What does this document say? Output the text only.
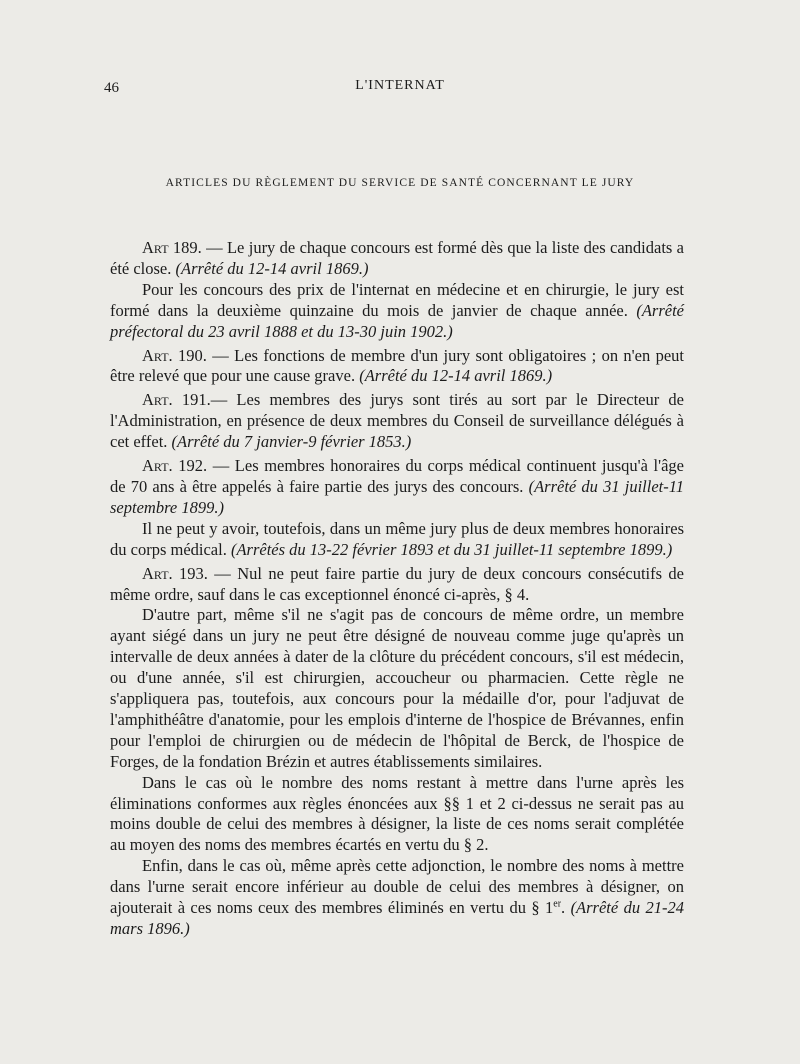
46	L'INTERNAT
ARTICLES DU RÈGLEMENT DU SERVICE DE SANTÉ CONCERNANT LE JURY

Art 189. — Le jury de chaque concours est formé dès que la liste des candidats a été close. (Arrêté du 12-14 avril 1869.)

Pour les concours des prix de l'internat en médecine et en chirurgie, le jury est formé dans la deuxième quinzaine du mois de janvier de chaque année. (Arrêté préfectoral du 23 avril 1888 et du 13-30 juin 1902.)

Art. 190. — Les fonctions de membre d'un jury sont obligatoires ; on n'en peut être relevé que pour une cause grave. (Arrêté du 12-14 avril 1869.)

Art. 191.— Les membres des jurys sont tirés au sort par le Directeur de l'Administration, en présence de deux membres du Conseil de surveillance délégués à cet effet. (Arrêté du 7 janvier-9 février 1853.)

Art. 192. — Les membres honoraires du corps médical continuent jusqu'à l'âge de 70 ans à être appelés à faire partie des jurys des concours. (Arrêté du 31 juillet-11 septembre 1899.)

Il ne peut y avoir, toutefois, dans un même jury plus de deux membres honoraires du corps médical. (Arrêtés du 13-22 février 1893 et du 31 juillet-11 septembre 1899.)

Art. 193. — Nul ne peut faire partie du jury de deux concours consécutifs de même ordre, sauf dans le cas exceptionnel énoncé ci-après, § 4.

D'autre part, même s'il ne s'agit pas de concours de même ordre, un membre ayant siégé dans un jury ne peut être désigné de nouveau comme juge qu'après un intervalle de deux années à dater de la clôture du précédent concours, s'il est médecin, ou d'une année, s'il est chirurgien, accoucheur ou pharmacien. Cette règle ne s'appliquera pas, toutefois, aux concours pour la médaille d'or, pour l'adjuvat de l'amphithéâtre d'anatomie, pour les emplois d'interne de l'hospice de Brévannes, enfin pour l'emploi de chirurgien ou de médecin de l'hôpital de Berck, de l'hospice de Forges, de la fondation Brézin et autres établissements similaires.

Dans le cas où le nombre des noms restant à mettre dans l'urne après les éliminations conformes aux règles énoncées aux §§ 1 et 2 ci-dessus ne serait pas au moins double de celui des membres à désigner, la liste de ces noms serait complétée au moyen des noms des membres écartés en vertu du § 2.

Enfin, dans le cas où, même après cette adjonction, le nombre des noms à mettre dans l'urne serait encore inférieur au double de celui des membres à désigner, on ajouterait à ces noms ceux des membres éliminés en vertu du § 1er. (Arrêté du 21-24 mars 1896.)
